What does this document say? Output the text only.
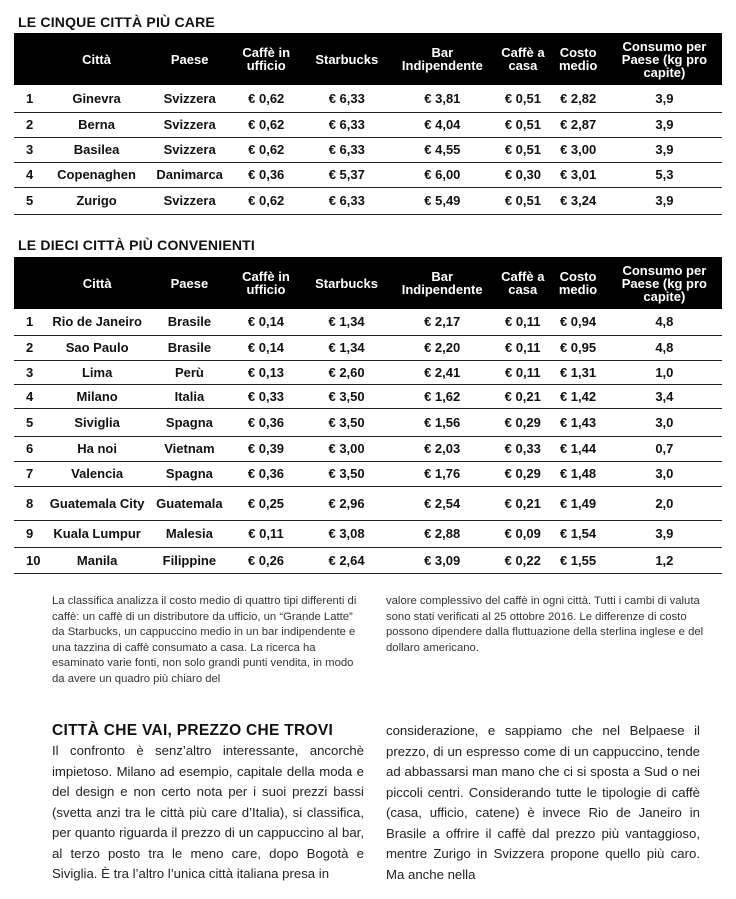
LE CINQUE CITTÀ PIÙ CARE
	Città	Paese	Caffè in ufficio	Starbucks	Bar Indipendente	Caffè a casa	Costo medio	Consumo per Paese (kg pro capite)
1	Ginevra	Svizzera	€ 0,62	€ 6,33	€ 3,81	€ 0,51	€ 2,82	3,9
2	Berna	Svizzera	€ 0,62	€ 6,33	€ 4,04	€ 0,51	€ 2,87	3,9
3	Basilea	Svizzera	€ 0,62	€ 6,33	€ 4,55	€ 0,51	€ 3,00	3,9
4	Copenaghen	Danimarca	€ 0,36	€ 5,37	€ 6,00	€ 0,30	€ 3,01	5,3
5	Zurigo	Svizzera	€ 0,62	€ 6,33	€ 5,49	€ 0,51	€ 3,24	3,9
LE DIECI CITTÀ PIÙ CONVENIENTI
	Città	Paese	Caffè in ufficio	Starbucks	Bar Indipendente	Caffè a casa	Costo medio	Consumo per Paese (kg pro capite)
1	Rio de Janeiro	Brasile	€ 0,14	€ 1,34	€ 2,17	€ 0,11	€ 0,94	4,8
2	Sao Paulo	Brasile	€ 0,14	€ 1,34	€ 2,20	€ 0,11	€ 0,95	4,8
3	Lima	Perù	€ 0,13	€ 2,60	€ 2,41	€ 0,11	€ 1,31	1,0
4	Milano	Italia	€ 0,33	€ 3,50	€ 1,62	€ 0,21	€ 1,42	3,4
5	Siviglia	Spagna	€ 0,36	€ 3,50	€ 1,56	€ 0,29	€ 1,43	3,0
6	Ha noi	Vietnam	€ 0,39	€ 3,00	€ 2,03	€ 0,33	€ 1,44	0,7
7	Valencia	Spagna	€ 0,36	€ 3,50	€ 1,76	€ 0,29	€ 1,48	3,0
8	Guatemala City	Guatemala	€ 0,25	€ 2,96	€ 2,54	€ 0,21	€ 1,49	2,0
9	Kuala Lumpur	Malesia	€ 0,11	€ 3,08	€ 2,88	€ 0,09	€ 1,54	3,9
10	Manila	Filippine	€ 0,26	€ 2,64	€ 3,09	€ 0,22	€ 1,55	1,2
La classifica analizza il costo medio di quattro tipi differenti di caffè: un caffè di un distributore da ufficio, un “Grande Latte” da Starbucks, un cappuccino medio in un bar indipendente e una tazzina di caffè consumato a casa. La ricerca ha esaminato varie fonti, non solo grandi punti vendita, in modo da avere un quadro più chiaro del
valore complessivo del caffè in ogni città. Tutti i cambi di valuta sono stati verificati al 25 ottobre 2016. Le differenze di costo possono dipendere dalla fluttuazione della sterlina inglese e del dollaro americano.
CITTÀ CHE VAI, PREZZO CHE TROVI
Il confronto è senz’altro interessante, ancorchè impietoso. Milano ad esempio, capitale della moda e del design e non certo nota per i suoi prezzi bassi (svetta anzi tra le città più care d’Italia), si classifica, per quanto riguarda il prezzo di un cappuccino al bar, al terzo posto tra le meno care, dopo Bogotà e Siviglia. È tra l’altro l’unica città italiana presa in
considerazione, e sappiamo che nel Belpaese il prezzo, di un espresso come di un cappuccino, tende ad abbassarsi man mano che ci si sposta a Sud o nei piccoli centri. Considerando tutte le tipologie di caffè (casa, ufficio, catene) è invece Rio de Janeiro in Brasile a offrire il caffè dal prezzo più vantaggioso, mentre Zurigo in Svizzera propone quello più caro. Ma anche nella
